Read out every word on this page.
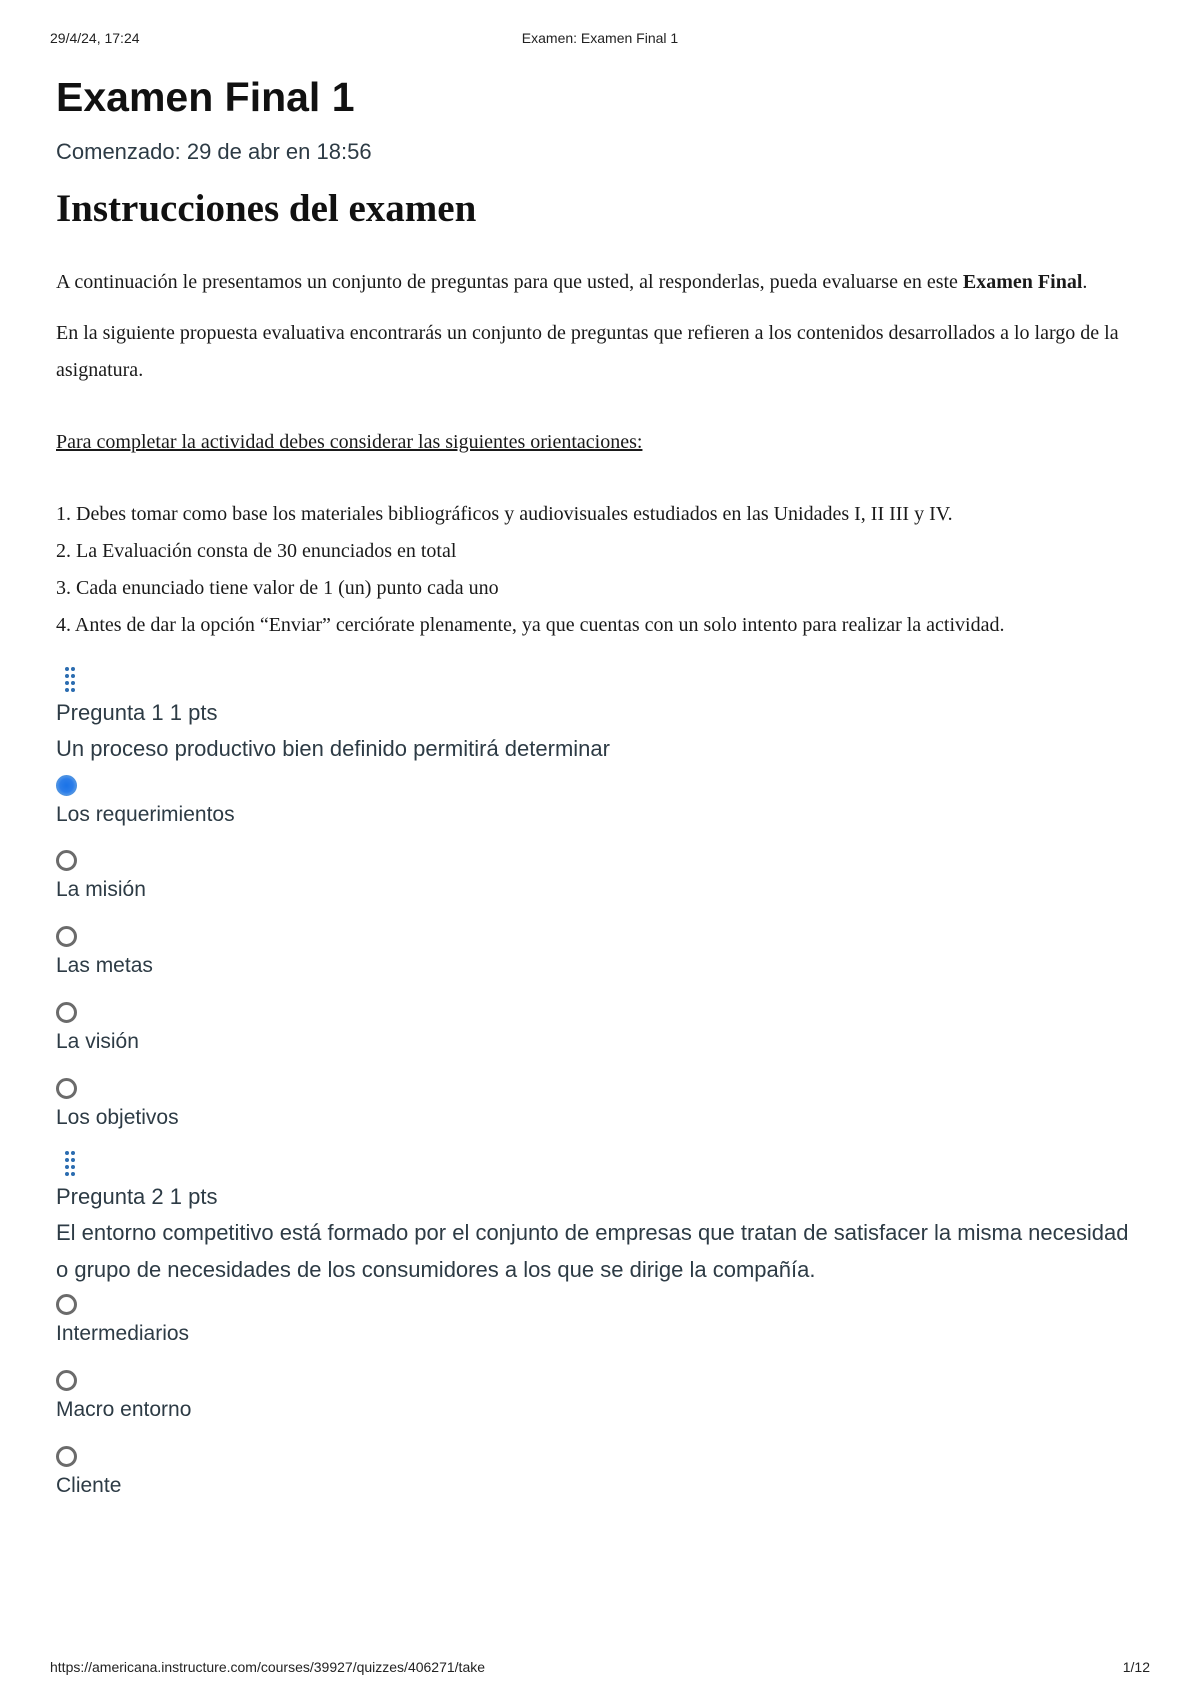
29/4/24, 17:24	Examen: Examen Final 1
Examen Final 1
Comenzado: 29 de abr en 18:56
Instrucciones del examen

A continuación le presentamos un conjunto de preguntas para que usted, al responderlas, pueda evaluarse en este Examen Final.

En la siguiente propuesta evaluativa encontrarás un conjunto de preguntas que refieren a los contenidos desarrollados a lo largo de la asignatura.

Para completar la actividad debes considerar las siguientes orientaciones:

1. Debes tomar como base los materiales bibliográficos y audiovisuales estudiados en las Unidades I, II III y IV.
2. La Evaluación consta de 30 enunciados en total
3. Cada enunciado tiene valor de 1 (un) punto cada uno
4. Antes de dar la opción “Enviar” cerciórate plenamente, ya que cuentas con un solo intento para realizar la actividad.
Pregunta 1 1 pts
Un proceso productivo bien definido permitirá determinar
Los requerimientos
La misión
Las metas
La visión
Los objetivos
Pregunta 2 1 pts
El entorno competitivo está formado por el conjunto de empresas que tratan de satisfacer la misma necesidad o grupo de necesidades de los consumidores a los que se dirige la compañía.
Intermediarios
Macro entorno
Cliente
https://americana.instructure.com/courses/39927/quizzes/406271/take	1/12
